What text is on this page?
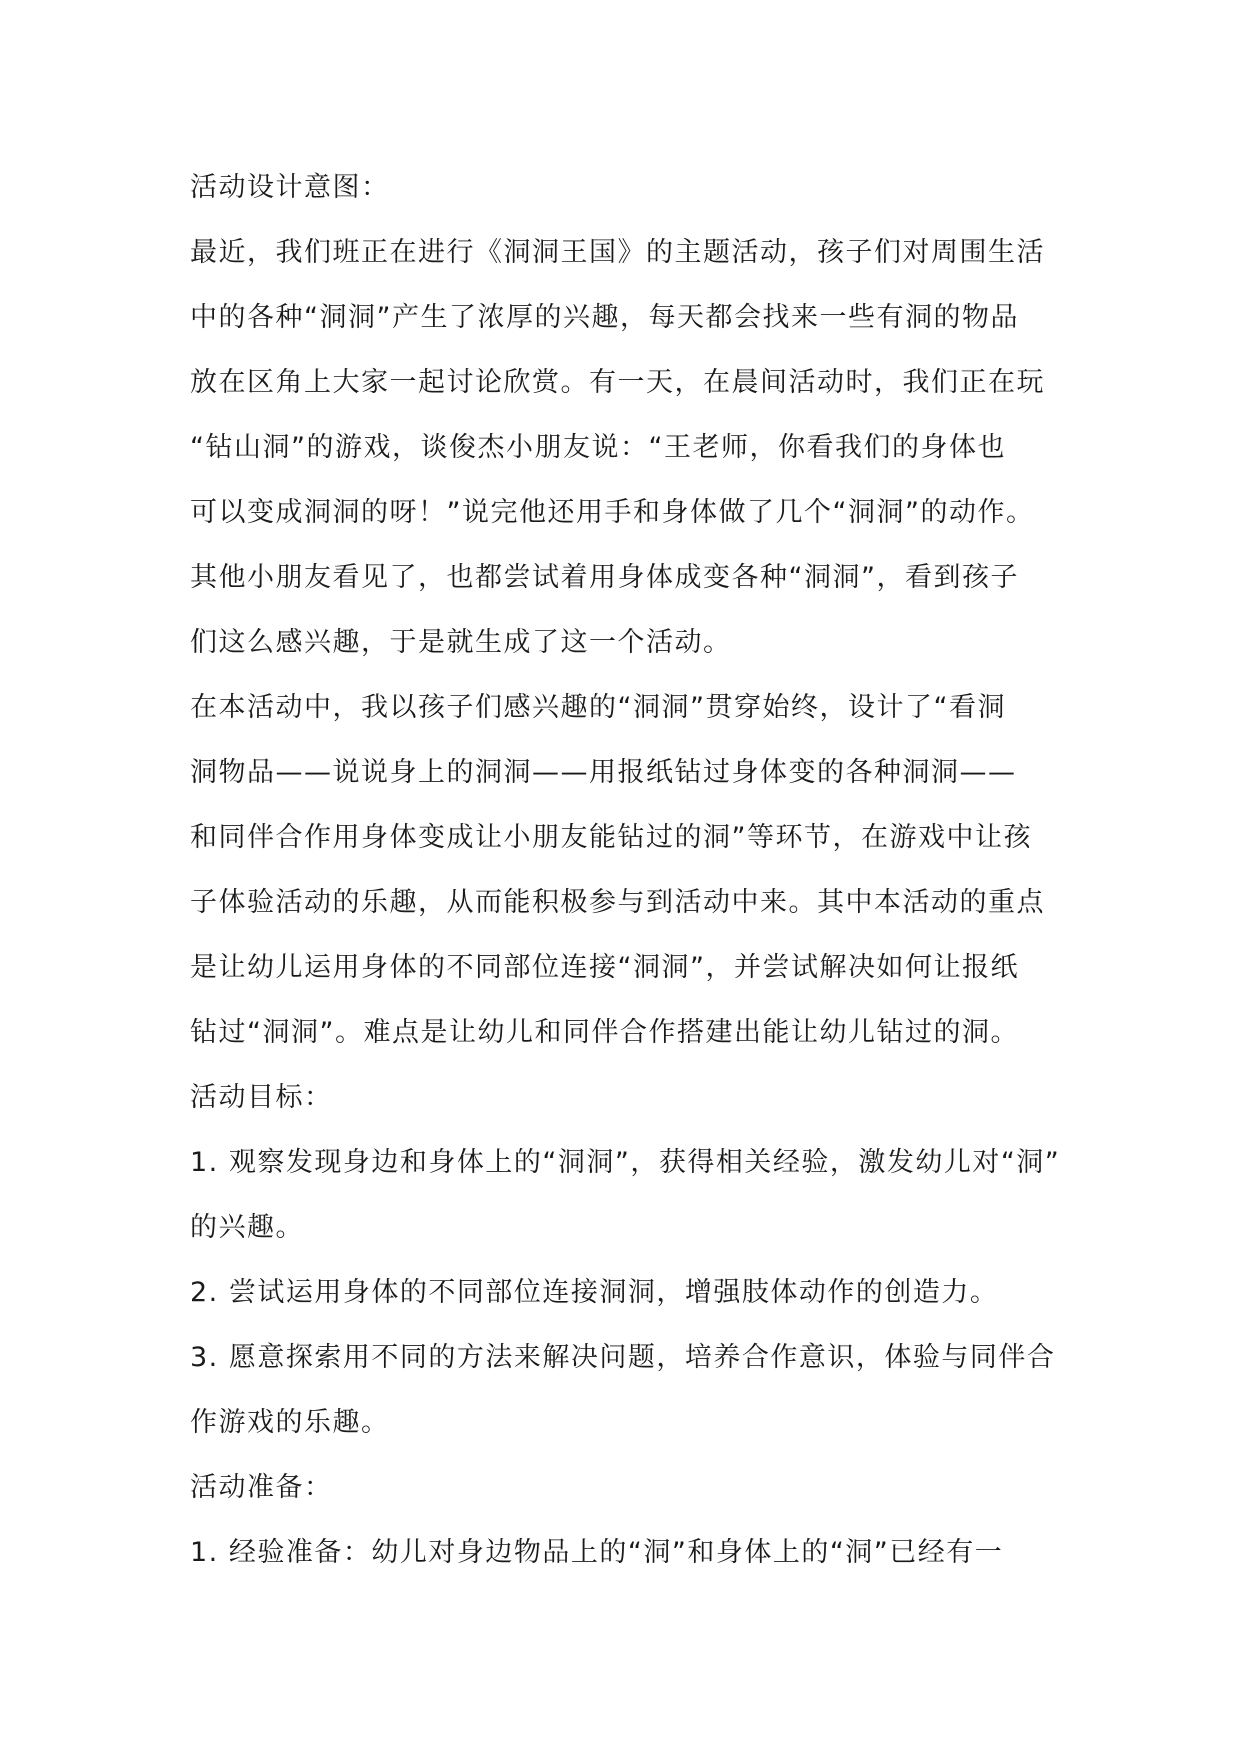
活动设计意图：
最近，我们班正在进行《洞洞王国》的主题活动，孩子们对周围生活
中的各种“洞洞”产生了浓厚的兴趣，每天都会找来一些有洞的物品
放在区角上大家一起讨论欣赏。有一天，在晨间活动时，我们正在玩
“钻山洞”的游戏，谈俊杰小朋友说：“王老师，你看我们的身体也
可以变成洞洞的呀！”说完他还用手和身体做了几个“洞洞”的动作。
其他小朋友看见了，也都尝试着用身体成变各种“洞洞”，看到孩子
们这么感兴趣，于是就生成了这一个活动。
在本活动中，我以孩子们感兴趣的“洞洞”贯穿始终，设计了“看洞
洞物品——说说身上的洞洞——用报纸钻过身体变的各种洞洞——
和同伴合作用身体变成让小朋友能钻过的洞”等环节，在游戏中让孩
子体验活动的乐趣，从而能积极参与到活动中来。其中本活动的重点
是让幼儿运用身体的不同部位连接“洞洞”，并尝试解决如何让报纸
钻过“洞洞”。难点是让幼儿和同伴合作搭建出能让幼儿钻过的洞。
活动目标：
1. 观察发现身边和身体上的“洞洞”，获得相关经验，激发幼儿对“洞”
的兴趣。
2. 尝试运用身体的不同部位连接洞洞，增强肢体动作的创造力。
3. 愿意探索用不同的方法来解决问题，培养合作意识，体验与同伴合
作游戏的乐趣。
活动准备：
1. 经验准备：幼儿对身边物品上的“洞”和身体上的“洞”已经有一
